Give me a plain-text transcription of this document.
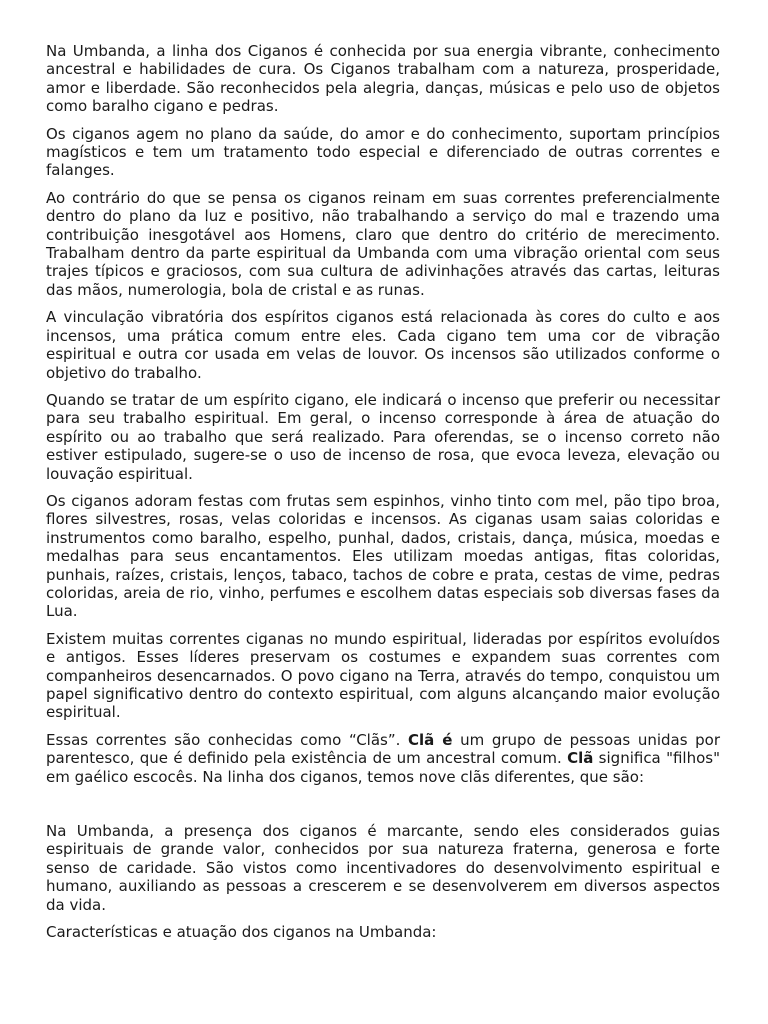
Na Umbanda, a linha dos Ciganos é conhecida por sua energia vibrante, conhecimento ancestral e habilidades de cura. Os Ciganos trabalham com a natureza, prosperidade, amor e liberdade. São reconhecidos pela alegria, danças, músicas e pelo uso de objetos como baralho cigano e pedras.

Os ciganos agem no plano da saúde, do amor e do conhecimento, suportam princípios magísticos e tem um tratamento todo especial e diferenciado de outras correntes e falanges.

Ao contrário do que se pensa os ciganos reinam em suas correntes preferencialmente dentro do plano da luz e positivo, não trabalhando a serviço do mal e trazendo uma contribuição inesgotável aos Homens, claro que dentro do critério de merecimento. Trabalham dentro da parte espiritual da Umbanda com uma vibração oriental com seus trajes típicos e graciosos, com sua cultura de adivinhações através das cartas, leituras das mãos, numerologia, bola de cristal e as runas.

A vinculação vibratória dos espíritos ciganos está relacionada às cores do culto e aos incensos, uma prática comum entre eles. Cada cigano tem uma cor de vibração espiritual e outra cor usada em velas de louvor. Os incensos são utilizados conforme o objetivo do trabalho.

Quando se tratar de um espírito cigano, ele indicará o incenso que preferir ou necessitar para seu trabalho espiritual. Em geral, o incenso corresponde à área de atuação do espírito ou ao trabalho que será realizado. Para oferendas, se o incenso correto não estiver estipulado, sugere-se o uso de incenso de rosa, que evoca leveza, elevação ou louvação espiritual.

Os ciganos adoram festas com frutas sem espinhos, vinho tinto com mel, pão tipo broa, flores silvestres, rosas, velas coloridas e incensos. As ciganas usam saias coloridas e instrumentos como baralho, espelho, punhal, dados, cristais, dança, música, moedas e medalhas para seus encantamentos. Eles utilizam moedas antigas, fitas coloridas, punhais, raízes, cristais, lenços, tabaco, tachos de cobre e prata, cestas de vime, pedras coloridas, areia de rio, vinho, perfumes e escolhem datas especiais sob diversas fases da Lua.

Existem muitas correntes ciganas no mundo espiritual, lideradas por espíritos evoluídos e antigos. Esses líderes preservam os costumes e expandem suas correntes com companheiros desencarnados. O povo cigano na Terra, através do tempo, conquistou um papel significativo dentro do contexto espiritual, com alguns alcançando maior evolução espiritual.

Essas correntes são conhecidas como “Clãs”. Clã é um grupo de pessoas unidas por parentesco, que é definido pela existência de um ancestral comum. Clã significa "filhos" em gaélico escocês. Na linha dos ciganos, temos nove clãs diferentes, que são:

Na Umbanda, a presença dos ciganos é marcante, sendo eles considerados guias espirituais de grande valor, conhecidos por sua natureza fraterna, generosa e forte senso de caridade. São vistos como incentivadores do desenvolvimento espiritual e humano, auxiliando as pessoas a crescerem e se desenvolverem em diversos aspectos da vida.

Características e atuação dos ciganos na Umbanda:
